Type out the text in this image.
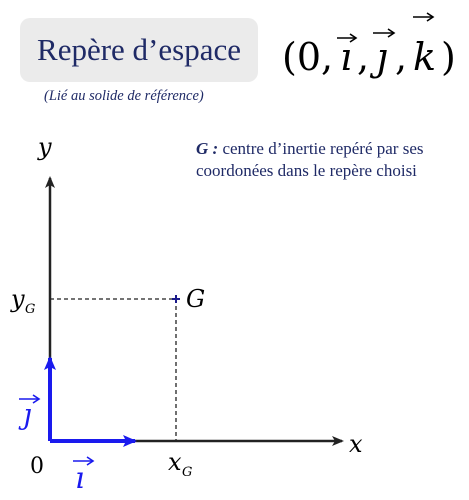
Repère d’espace
(Lié au solide de référence)
G : centre d’inertie repéré par ses coordonées dans le repère choisi
(0, ı , ȷ , k )
y
x
0
G
y G
x G
ȷ
ı
